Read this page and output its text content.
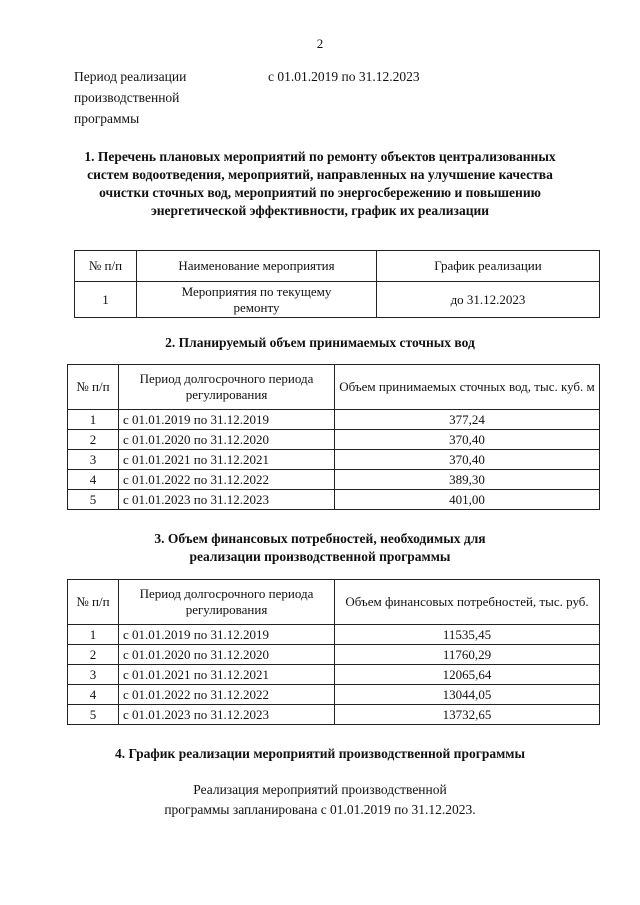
2
Период реализации производственной программы
с 01.01.2019 по 31.12.2023
1. Перечень плановых мероприятий по ремонту объектов централизованных систем водоотведения, мероприятий, направленных на улучшение качества очистки сточных вод, мероприятий по энергосбережению и повышению энергетической эффективности, график их реализации
№ п/п	Наименование мероприятия	График реализации
1	Мероприятия по текущему ремонту	до 31.12.2023
2. Планируемый объем принимаемых сточных вод
№ п/п	Период долгосрочного периода регулирования	Объем принимаемых сточных вод, тыс. куб. м
1	с 01.01.2019 по 31.12.2019	377,24
2	с 01.01.2020 по 31.12.2020	370,40
3	с 01.01.2021 по 31.12.2021	370,40
4	с 01.01.2022 по 31.12.2022	389,30
5	с 01.01.2023 по 31.12.2023	401,00
3. Объем финансовых потребностей, необходимых для реализации производственной программы
№ п/п	Период долгосрочного периода регулирования	Объем финансовых потребностей, тыс. руб.
1	с 01.01.2019 по 31.12.2019	11535,45
2	с 01.01.2020 по 31.12.2020	11760,29
3	с 01.01.2021 по 31.12.2021	12065,64
4	с 01.01.2022 по 31.12.2022	13044,05
5	с 01.01.2023 по 31.12.2023	13732,65
4. График реализации мероприятий производственной программы
Реализация мероприятий производственной программы запланирована с 01.01.2019 по 31.12.2023.
